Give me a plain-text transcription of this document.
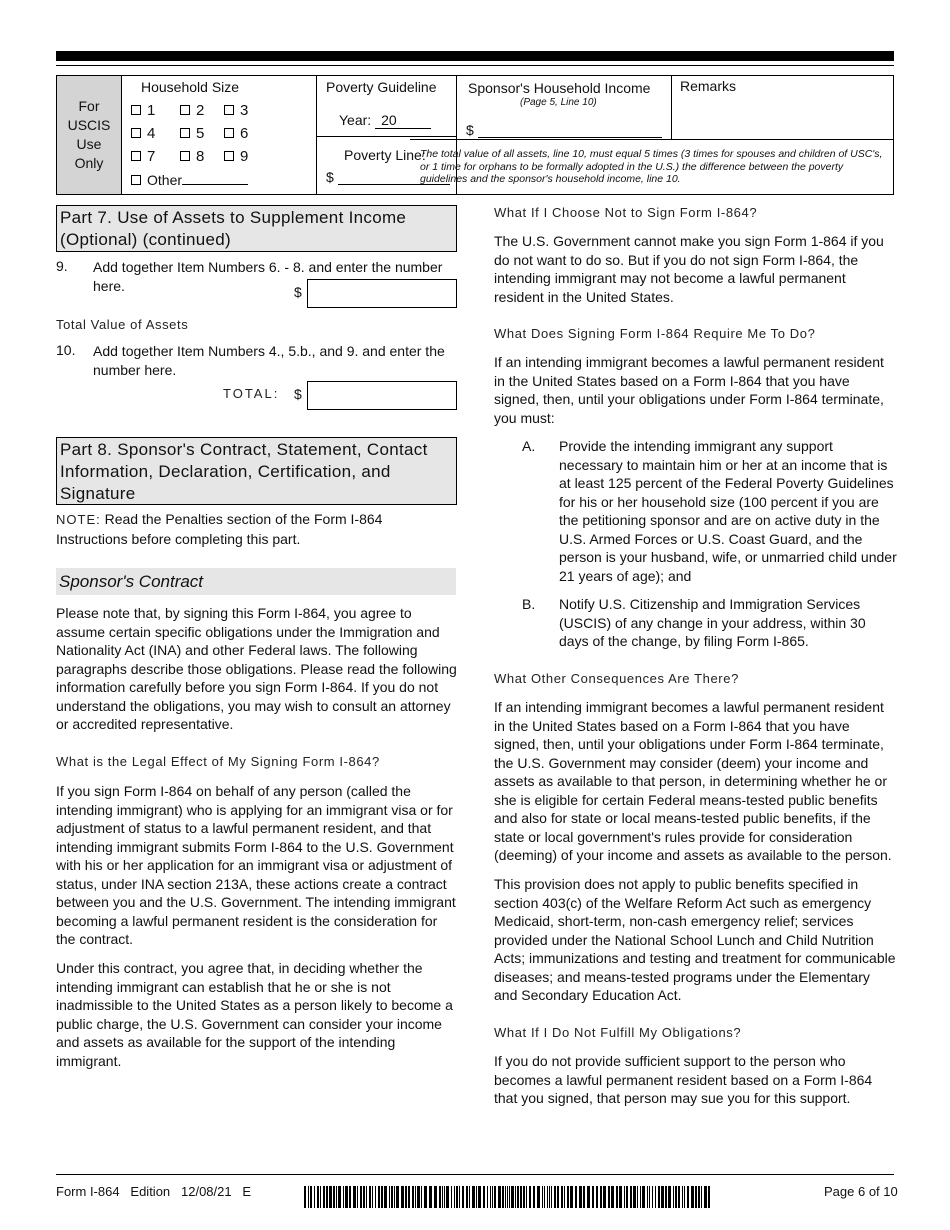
For
USCIS
Use
Only
Household Size
1	2	3
4	5	6
7	8	9
Other
Poverty Guideline
Year: 20
Poverty Line:
$
Sponsor's Household Income
(Page 5, Line 10)
$
Remarks
The total value of all assets, line 10, must equal 5 times (3 times for spouses and children of USC's, or 1 time for orphans to be formally adopted in the U.S.) the difference between the poverty guidelines and the sponsor's household income, line 10.
Part 7. Use of Assets to Supplement Income
(Optional) (continued)
9. Add together Item Numbers 6. - 8. and enter the number here.	$
Total Value of Assets
10. Add together Item Numbers 4., 5.b., and 9. and enter the number here.
TOTAL: $
Part 8. Sponsor's Contract, Statement, Contact
Information, Declaration, Certification, and
Signature
NOTE: Read the Penalties section of the Form I-864 Instructions before completing this part.
Sponsor's Contract
Please note that, by signing this Form I-864, you agree to assume certain specific obligations under the Immigration and Nationality Act (INA) and other Federal laws. The following paragraphs describe those obligations. Please read the following information carefully before you sign Form I-864. If you do not understand the obligations, you may wish to consult an attorney or accredited representative.
What is the Legal Effect of My Signing Form I-864?
If you sign Form I-864 on behalf of any person (called the intending immigrant) who is applying for an immigrant visa or for adjustment of status to a lawful permanent resident, and that intending immigrant submits Form I-864 to the U.S. Government with his or her application for an immigrant visa or adjustment of status, under INA section 213A, these actions create a contract between you and the U.S. Government. The intending immigrant becoming a lawful permanent resident is the consideration for the contract.
Under this contract, you agree that, in deciding whether the intending immigrant can establish that he or she is not inadmissible to the United States as a person likely to become a public charge, the U.S. Government can consider your income and assets as available for the support of the intending immigrant.
What If I Choose Not to Sign Form I-864?
The U.S. Government cannot make you sign Form 1-864 if you do not want to do so. But if you do not sign Form I-864, the intending immigrant may not become a lawful permanent resident in the United States.
What Does Signing Form I-864 Require Me To Do?
If an intending immigrant becomes a lawful permanent resident in the United States based on a Form I-864 that you have signed, then, until your obligations under Form I-864 terminate, you must:
A. Provide the intending immigrant any support necessary to maintain him or her at an income that is at least 125 percent of the Federal Poverty Guidelines for his or her household size (100 percent if you are the petitioning sponsor and are on active duty in the U.S. Armed Forces or U.S. Coast Guard, and the person is your husband, wife, or unmarried child under 21 years of age); and
B. Notify U.S. Citizenship and Immigration Services (USCIS) of any change in your address, within 30 days of the change, by filing Form I-865.
What Other Consequences Are There?
If an intending immigrant becomes a lawful permanent resident in the United States based on a Form I-864 that you have signed, then, until your obligations under Form I-864 terminate, the U.S. Government may consider (deem) your income and assets as available to that person, in determining whether he or she is eligible for certain Federal means-tested public benefits and also for state or local means-tested public benefits, if the state or local government's rules provide for consideration (deeming) of your income and assets as available to the person.
This provision does not apply to public benefits specified in section 403(c) of the Welfare Reform Act such as emergency Medicaid, short-term, non-cash emergency relief; services provided under the National School Lunch and Child Nutrition Acts; immunizations and testing and treatment for communicable diseases; and means-tested programs under the Elementary and Secondary Education Act.
What If I Do Not Fulfill My Obligations?
If you do not provide sufficient support to the person who becomes a lawful permanent resident based on a Form I-864 that you signed, that person may sue you for this support.
Form I-864   Edition   12/08/21   E	Page 6 of 10
